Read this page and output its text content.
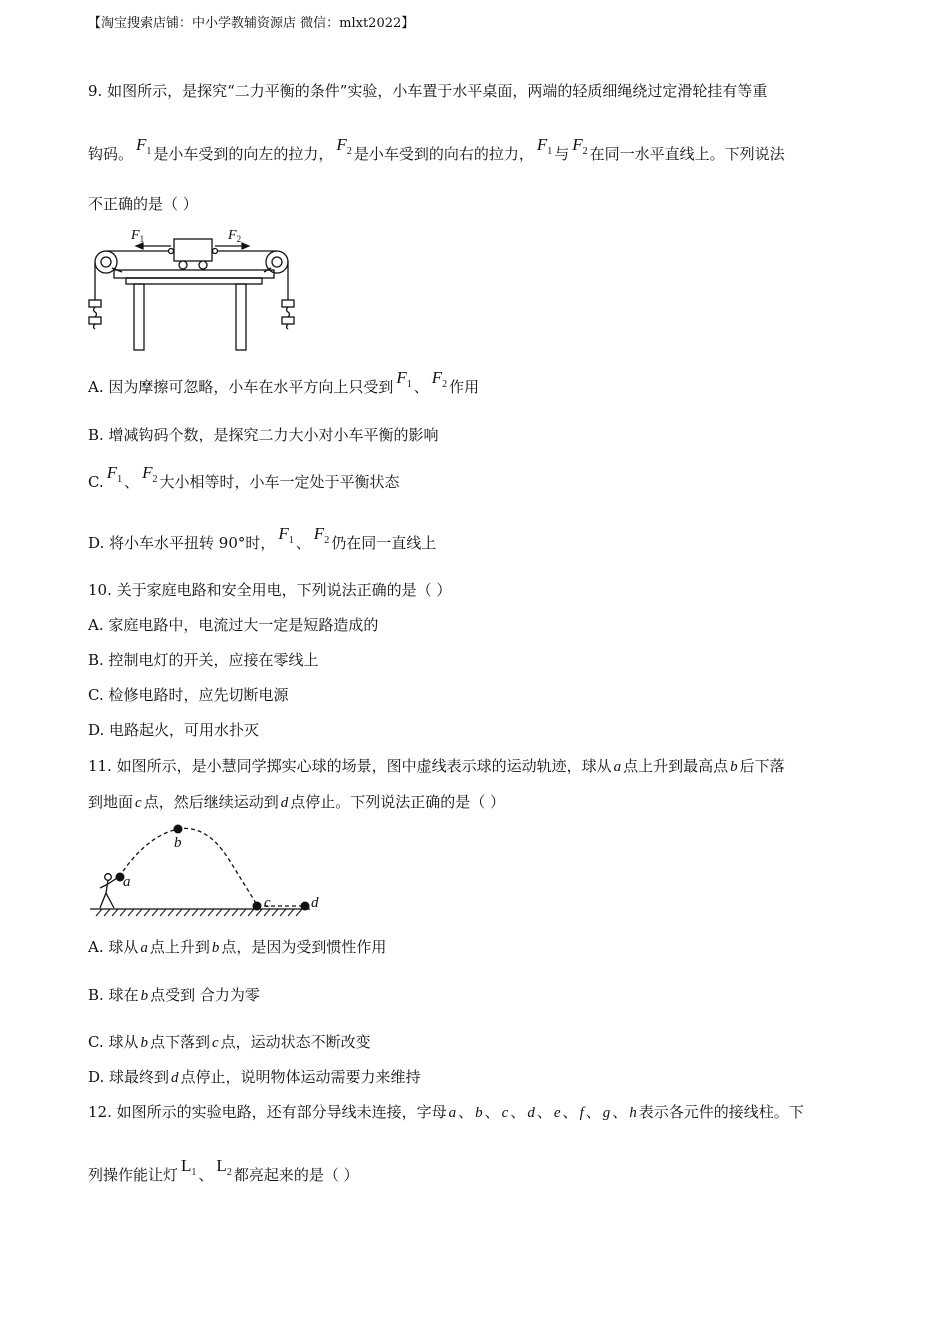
【淘宝搜索店铺：中小学教辅资源店 微信：mlxt2022】
9. 如图所示，是探究“二力平衡的条件”实验，小车置于水平桌面，两端的轻质细绳绕过定滑轮挂有等重
钩码。 $F_1$ 是小车受到的向左的拉力， $F_2$ 是小车受到的向右的拉力， $F_1$ 与 $F_2$ 在同一水平直线上。下列说法
不正确的是（ ）
$F_1$	$F_2$
A. 因为摩擦可忽略，小车在水平方向上只受到 $F_1$ 、 $F_2$ 作用
B. 增减钩码个数，是探究二力大小对小车平衡的影响
C. $F_1$ 、 $F_2$ 大小相等时，小车一定处于平衡状态
D. 将小车水平扭转 90°时， $F_1$ 、 $F_2$ 仍在同一直线上
10. 关于家庭电路和安全用电，下列说法正确的是（ ）
A. 家庭电路中，电流过大一定是短路造成的
B. 控制电灯的开关，应接在零线上
C. 检修电路时，应先切断电源
D. 电路起火，可用水扑灭
11. 如图所示，是小慧同学掷实心球的场景，图中虚线表示球的运动轨迹，球从 a 点上升到最高点 b 后下落
到地面 c 点，然后继续运动到 d 点停止。下列说法正确的是（ ）
a
b
c	d
A. 球从 a 点上升到 b 点，是因为受到惯性作用
B. 球在 b 点受到 合力为零
C. 球从 b 点下落到 c 点，运动状态不断改变
D. 球最终到 d 点停止，说明物体运动需要力来维持
12. 如图所示的实验电路，还有部分导线未连接，字母 a 、 b 、 c 、 d 、 e 、 f 、 g 、 h 表示各元件的接线柱。下
列操作能让灯 $L_1$ 、 $L_2$ 都亮起来的是（ ）
